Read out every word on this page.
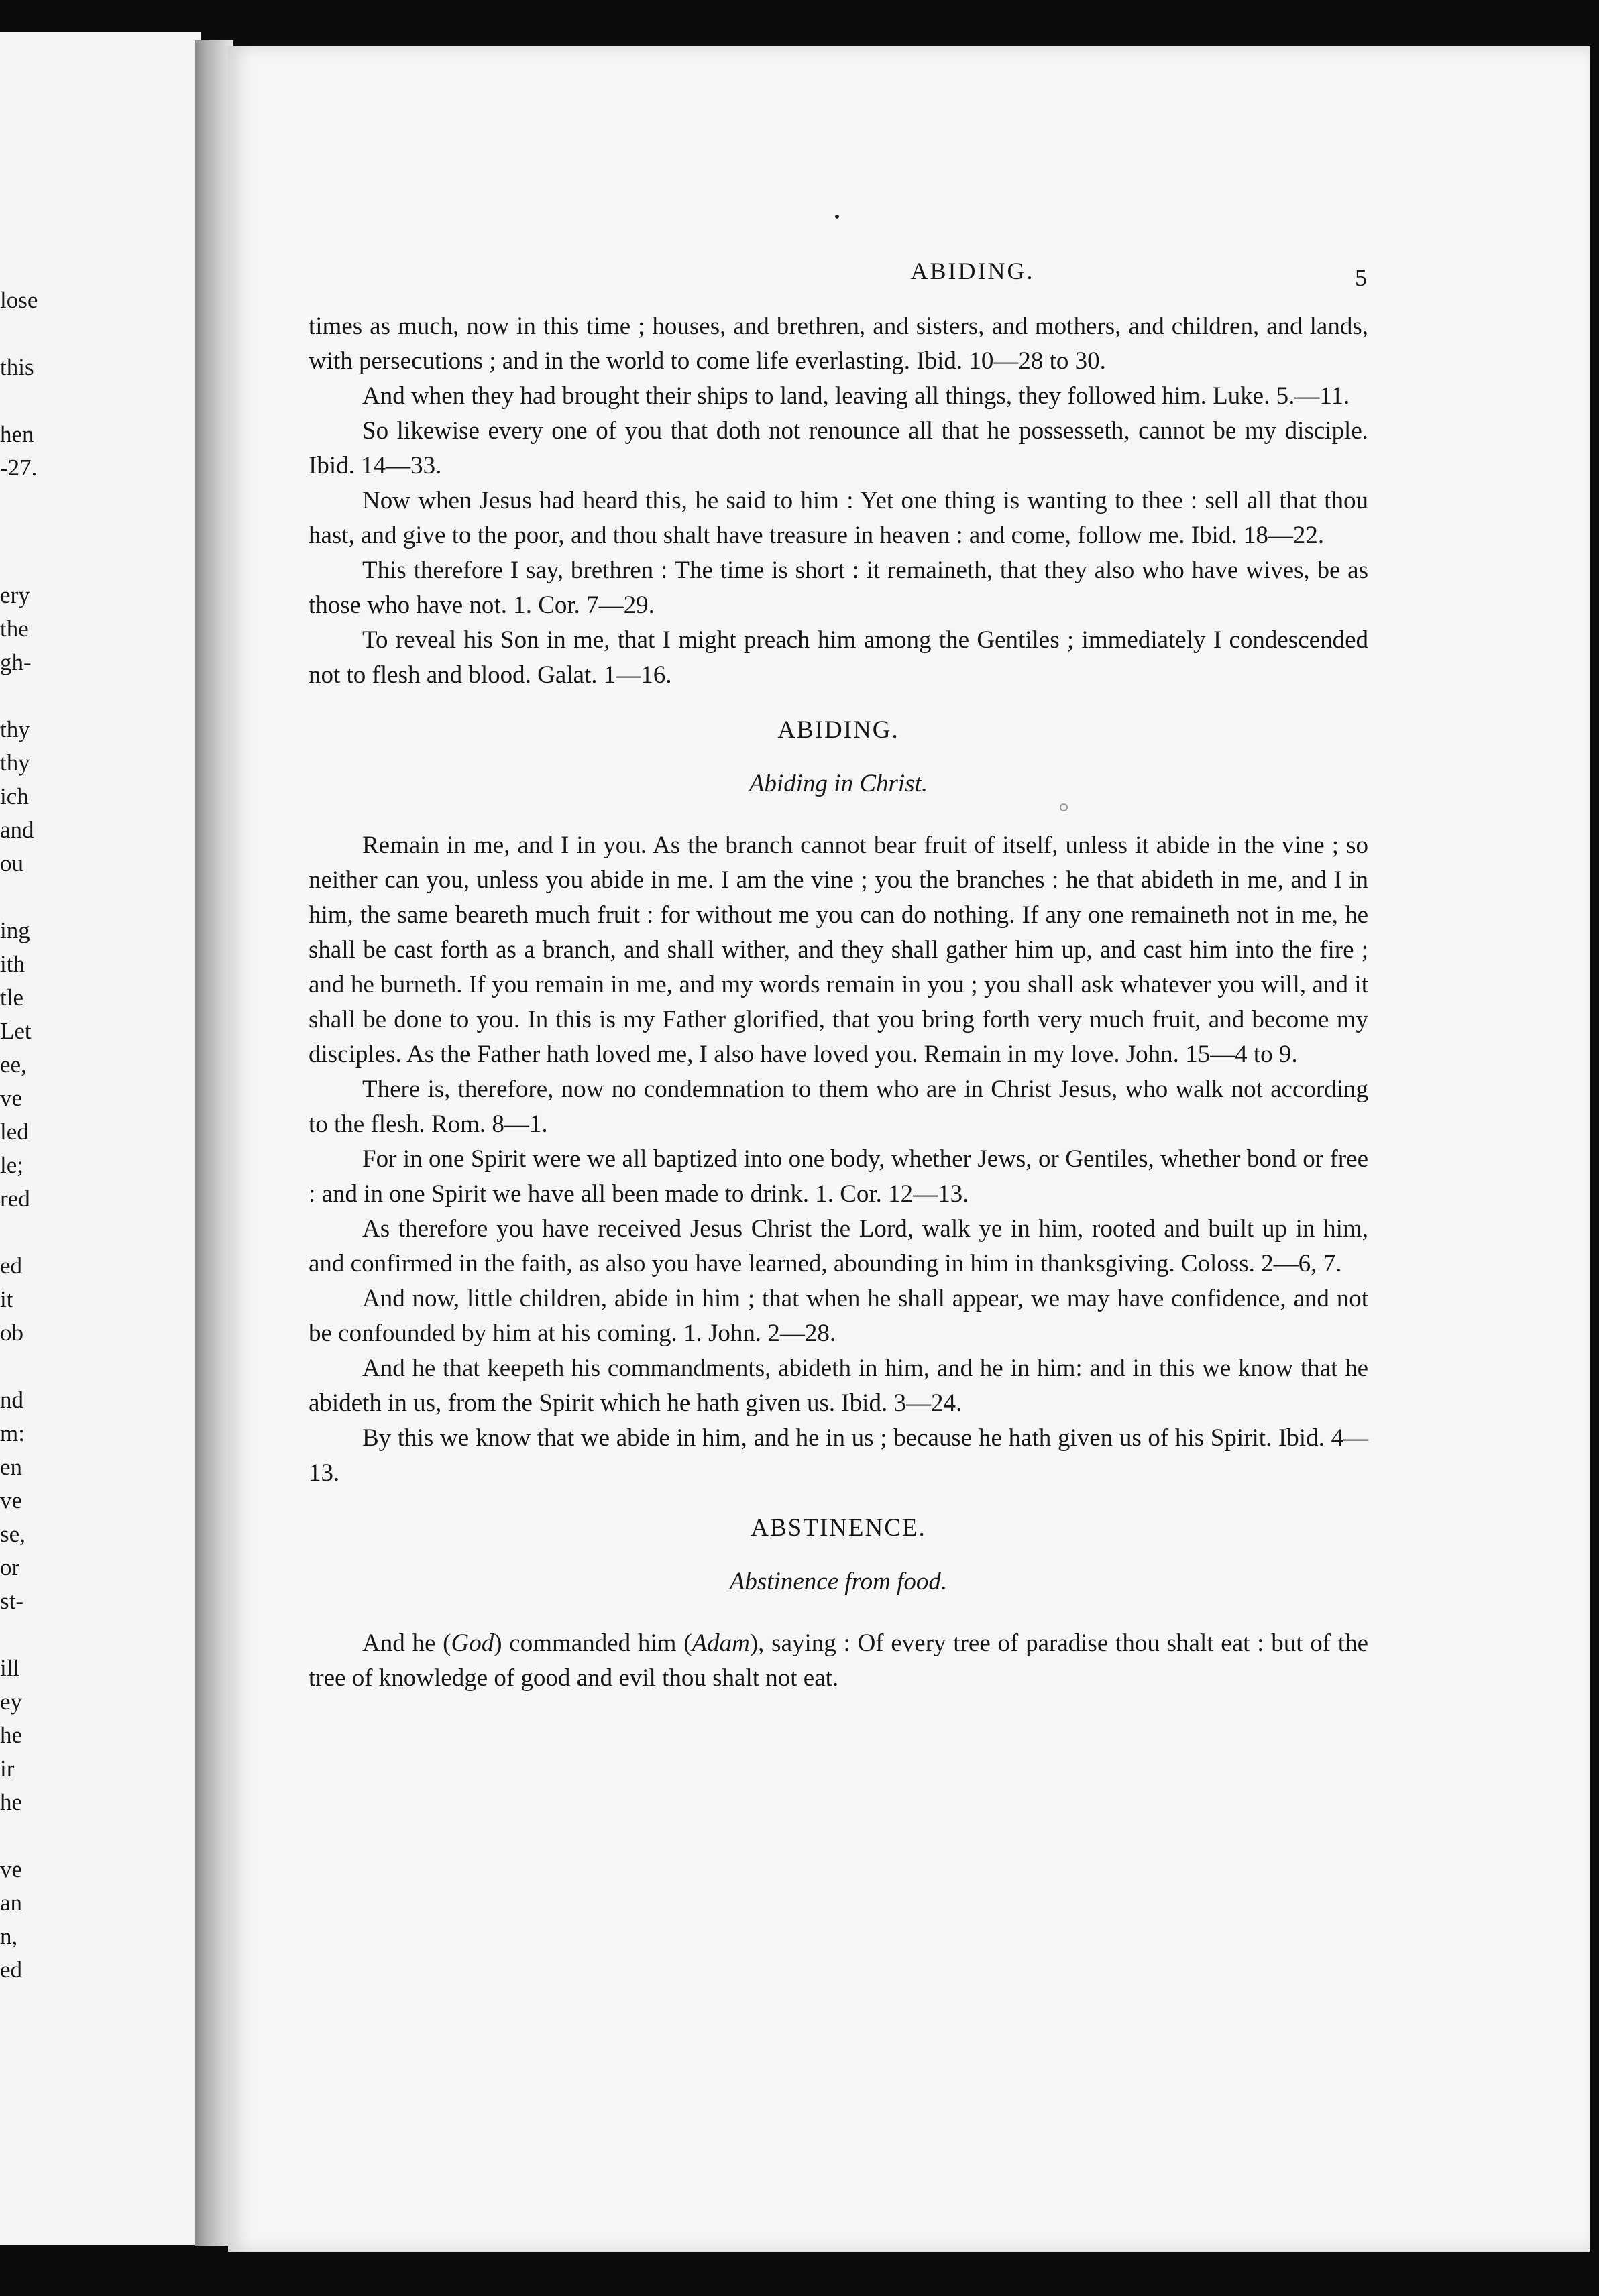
lose
this
hen
-27.
ery
the
gh-
thy
thy
ich
and
ou
ing
ith
tle
Let
ee,
ve
led
le;
red
ed
it
ob
nd
m:
en
ve
se,
or
st-
ill
ey
he
ir
he
ve
an
n,
ed
ABIDING.	5

times as much, now in this time ; houses, and brethren, and sisters, and mothers, and children, and lands, with persecutions ; and in the world to come life everlasting. Ibid. 10—28 to 30.

And when they had brought their ships to land, leaving all things, they followed him. Luke. 5.—11.

So likewise every one of you that doth not renounce all that he possesseth, cannot be my disciple. Ibid. 14—33.

Now when Jesus had heard this, he said to him : Yet one thing is wanting to thee : sell all that thou hast, and give to the poor, and thou shalt have treasure in heaven : and come, follow me. Ibid. 18—22.

This therefore I say, brethren : The time is short : it remaineth, that they also who have wives, be as those who have not. 1. Cor. 7—29.

To reveal his Son in me, that I might preach him among the Gentiles ; immediately I condescended not to flesh and blood. Galat. 1—16.

ABIDING.
Abiding in Christ.

Remain in me, and I in you. As the branch cannot bear fruit of itself, unless it abide in the vine ; so neither can you, unless you abide in me. I am the vine ; you the branches : he that abideth in me, and I in him, the same beareth much fruit : for without me you can do nothing. If any one remaineth not in me, he shall be cast forth as a branch, and shall wither, and they shall gather him up, and cast him into the fire ; and he burneth. If you remain in me, and my words remain in you ; you shall ask whatever you will, and it shall be done to you. In this is my Father glorified, that you bring forth very much fruit, and become my disciples. As the Father hath loved me, I also have loved you. Remain in my love. John. 15—4 to 9.

There is, therefore, now no condemnation to them who are in Christ Jesus, who walk not according to the flesh. Rom. 8—1.

For in one Spirit were we all baptized into one body, whether Jews, or Gentiles, whether bond or free : and in one Spirit we have all been made to drink. 1. Cor. 12—13.

As therefore you have received Jesus Christ the Lord, walk ye in him, rooted and built up in him, and confirmed in the faith, as also you have learned, abounding in him in thanksgiving. Coloss. 2—6, 7.

And now, little children, abide in him ; that when he shall appear, we may have confidence, and not be confounded by him at his coming. 1. John. 2—28.

And he that keepeth his commandments, abideth in him, and he in him: and in this we know that he abideth in us, from the Spirit which he hath given us. Ibid. 3—24.

By this we know that we abide in him, and he in us ; because he hath given us of his Spirit. Ibid. 4—13.

ABSTINENCE.
Abstinence from food.

And he (God) commanded him (Adam), saying : Of every tree of paradise thou shalt eat : but of the tree of knowledge of good and evil thou shalt not eat.
